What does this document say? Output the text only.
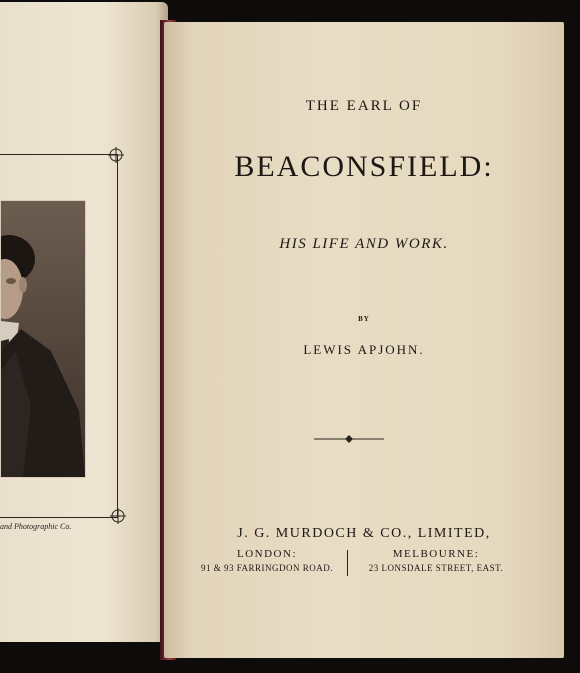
and Photographic Co.
THE EARL OF
BEACONSFIELD:
HIS LIFE AND WORK.
BY
LEWIS APJOHN.
J. G. MURDOCH & CO., LIMITED,
LONDON:
91 & 93 FARRINGDON ROAD.
MELBOURNE:
23 LONSDALE STREET, EAST.
